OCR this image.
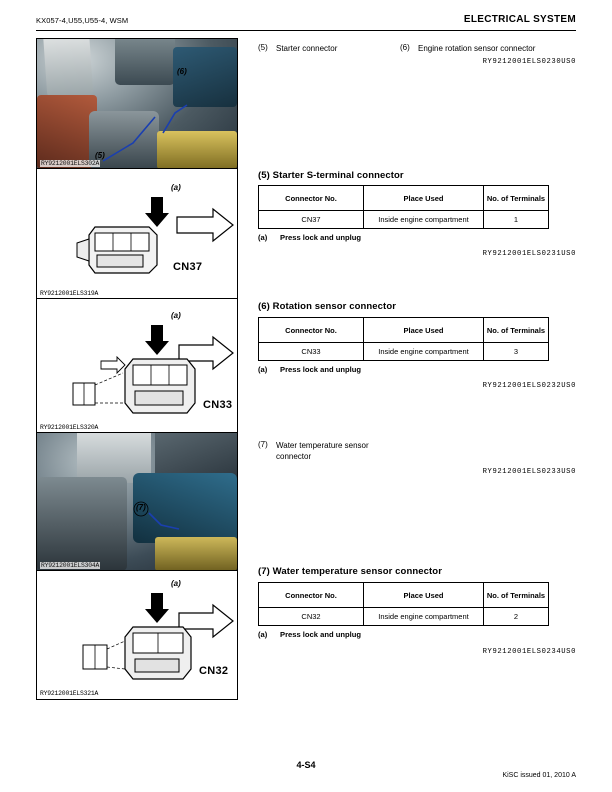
KX057-4,U55,U55-4, WSM	ELECTRICAL SYSTEM
(5)
(6)
RY9212001ELS302A
(a)
CN37
RY9212001ELS319A
(a)
CN33
RY9212001ELS320A
(7)
RY9212001ELS304A
(a)
CN32
RY9212001ELS321A
(5) Starter connector	(6) Engine rotation sensor connector
RY9212001ELS0230US0
(5) Starter S-terminal connector
Connector No.	Place Used	No. of Terminals
CN37	Inside engine compartment	1
(a) Press lock and unplug
RY9212001ELS0231US0
(6) Rotation sensor connector
Connector No.	Place Used	No. of Terminals
CN33	Inside engine compartment	3
(a) Press lock and unplug
RY9212001ELS0232US0
(7) Water temperature sensor
connector
RY9212001ELS0233US0
(7) Water temperature sensor connector
Connector No.	Place Used	No. of Terminals
CN32	Inside engine compartment	2
(a) Press lock and unplug
RY9212001ELS0234US0
4-S4
KiSC issued 01, 2010 A
